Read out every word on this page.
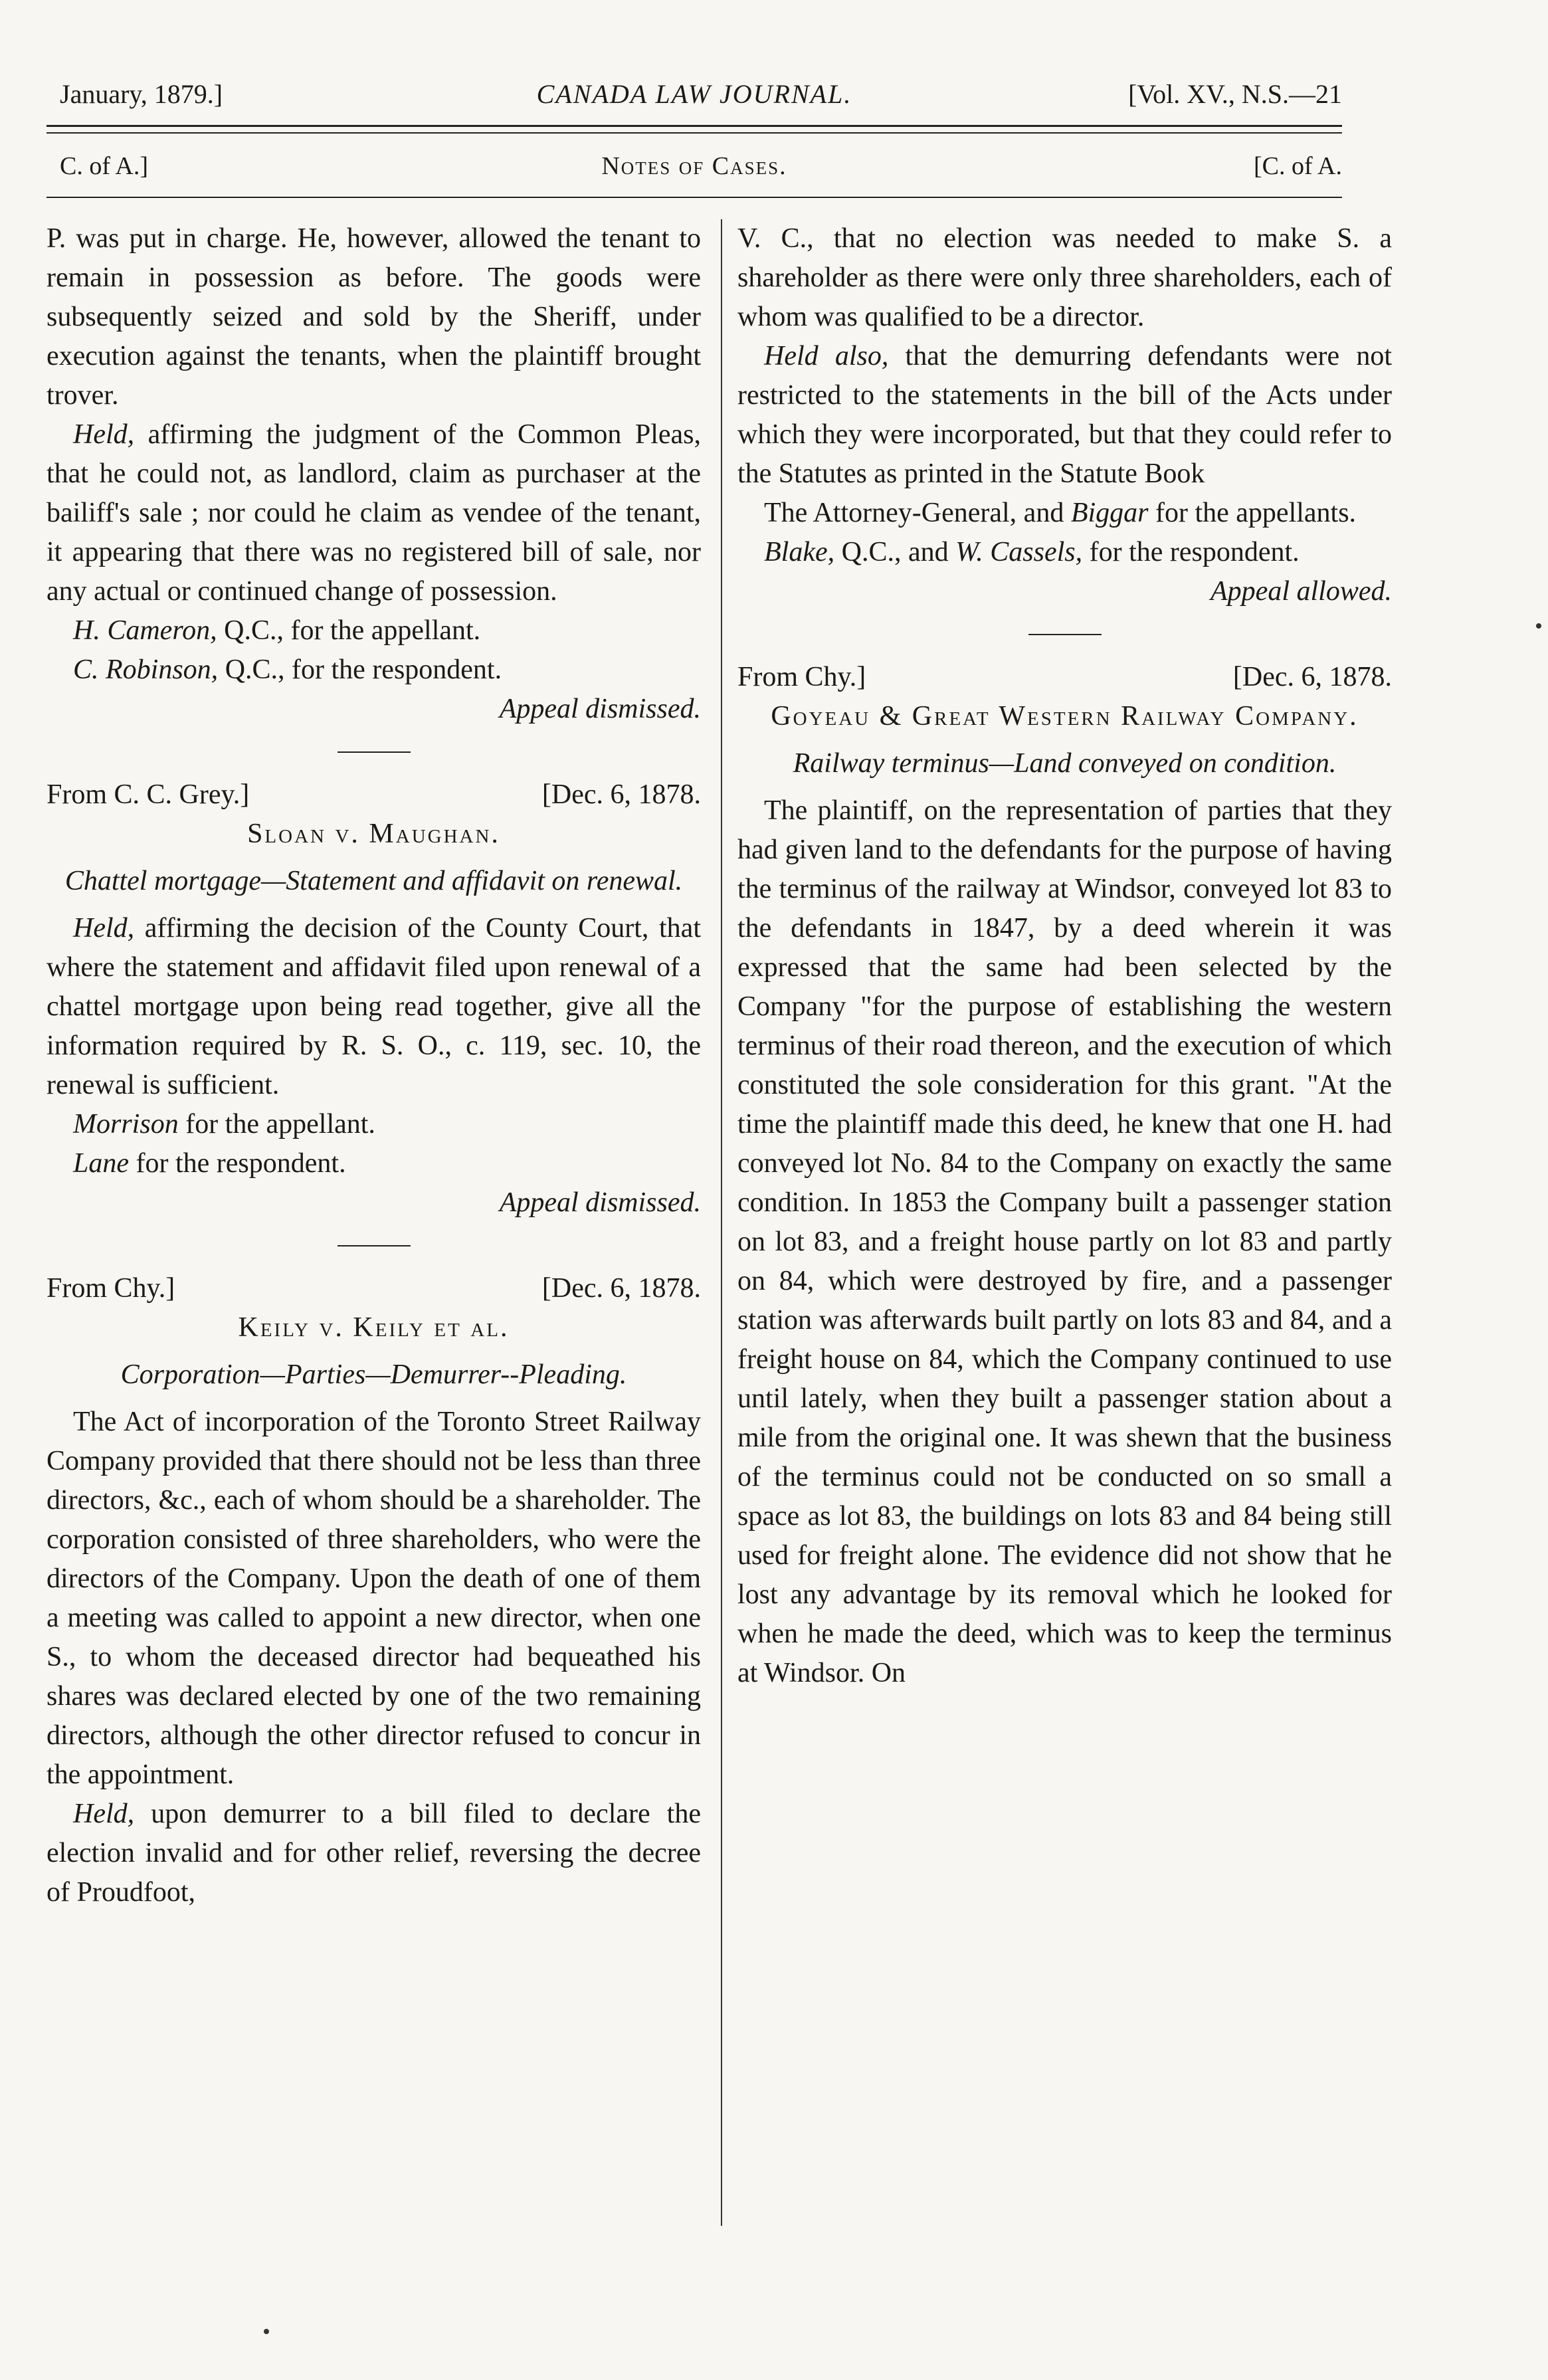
January, 1879.]	CANADA LAW JOURNAL.	[Vol. XV., N.S.—21
C. of A.]	Notes of Cases.	[C. of A.

P. was put in charge. He, however, allowed the tenant to remain in possession as before. The goods were subsequently seized and sold by the Sheriff, under execution against the tenants, when the plaintiff brought trover.

Held, affirming the judgment of the Common Pleas, that he could not, as landlord, claim as purchaser at the bailiff's sale ; nor could he claim as vendee of the tenant, it appearing that there was no registered bill of sale, nor any actual or continued change of possession.

H. Cameron, Q.C., for the appellant.

C. Robinson, Q.C., for the respondent.

Appeal dismissed.

From C. C. Grey.]	[Dec. 6, 1878.

Sloan v. Maughan.

Chattel mortgage—Statement and affidavit on renewal.

Held, affirming the decision of the County Court, that where the statement and affidavit filed upon renewal of a chattel mortgage upon being read together, give all the information required by R. S. O., c. 119, sec. 10, the renewal is sufficient.

Morrison for the appellant.

Lane for the respondent.

Appeal dismissed.

From Chy.]	[Dec. 6, 1878.

Keily v. Keily et al.

Corporation—Parties—Demurrer--Pleading.

The Act of incorporation of the Toronto Street Railway Company provided that there should not be less than three directors, &c., each of whom should be a shareholder. The corporation consisted of three shareholders, who were the directors of the Company. Upon the death of one of them a meeting was called to appoint a new director, when one S., to whom the deceased director had bequeathed his shares was declared elected by one of the two remaining directors, although the other director refused to concur in the appointment.

Held, upon demurrer to a bill filed to declare the election invalid and for other relief, reversing the decree of Proudfoot,

V. C., that no election was needed to make S. a shareholder as there were only three shareholders, each of whom was qualified to be a director.

Held also, that the demurring defendants were not restricted to the statements in the bill of the Acts under which they were incorporated, but that they could refer to the Statutes as printed in the Statute Book

The Attorney-General, and Biggar for the appellants.

Blake, Q.C., and W. Cassels, for the respondent.

Appeal allowed.

From Chy.]	[Dec. 6, 1878.

Goyeau & Great Western Railway Company.

Railway terminus—Land conveyed on condition.

The plaintiff, on the representation of parties that they had given land to the defendants for the purpose of having the terminus of the railway at Windsor, conveyed lot 83 to the defendants in 1847, by a deed wherein it was expressed that the same had been selected by the Company "for the purpose of establishing the western terminus of their road thereon, and the execution of which constituted the sole consideration for this grant. "At the time the plaintiff made this deed, he knew that one H. had conveyed lot No. 84 to the Company on exactly the same condition. In 1853 the Company built a passenger station on lot 83, and a freight house partly on lot 83 and partly on 84, which were destroyed by fire, and a passenger station was afterwards built partly on lots 83 and 84, and a freight house on 84, which the Company continued to use until lately, when they built a passenger station about a mile from the original one. It was shewn that the business of the terminus could not be conducted on so small a space as lot 83, the buildings on lots 83 and 84 being still used for freight alone. The evidence did not show that he lost any advantage by its removal which he looked for when he made the deed, which was to keep the terminus at Windsor. On
